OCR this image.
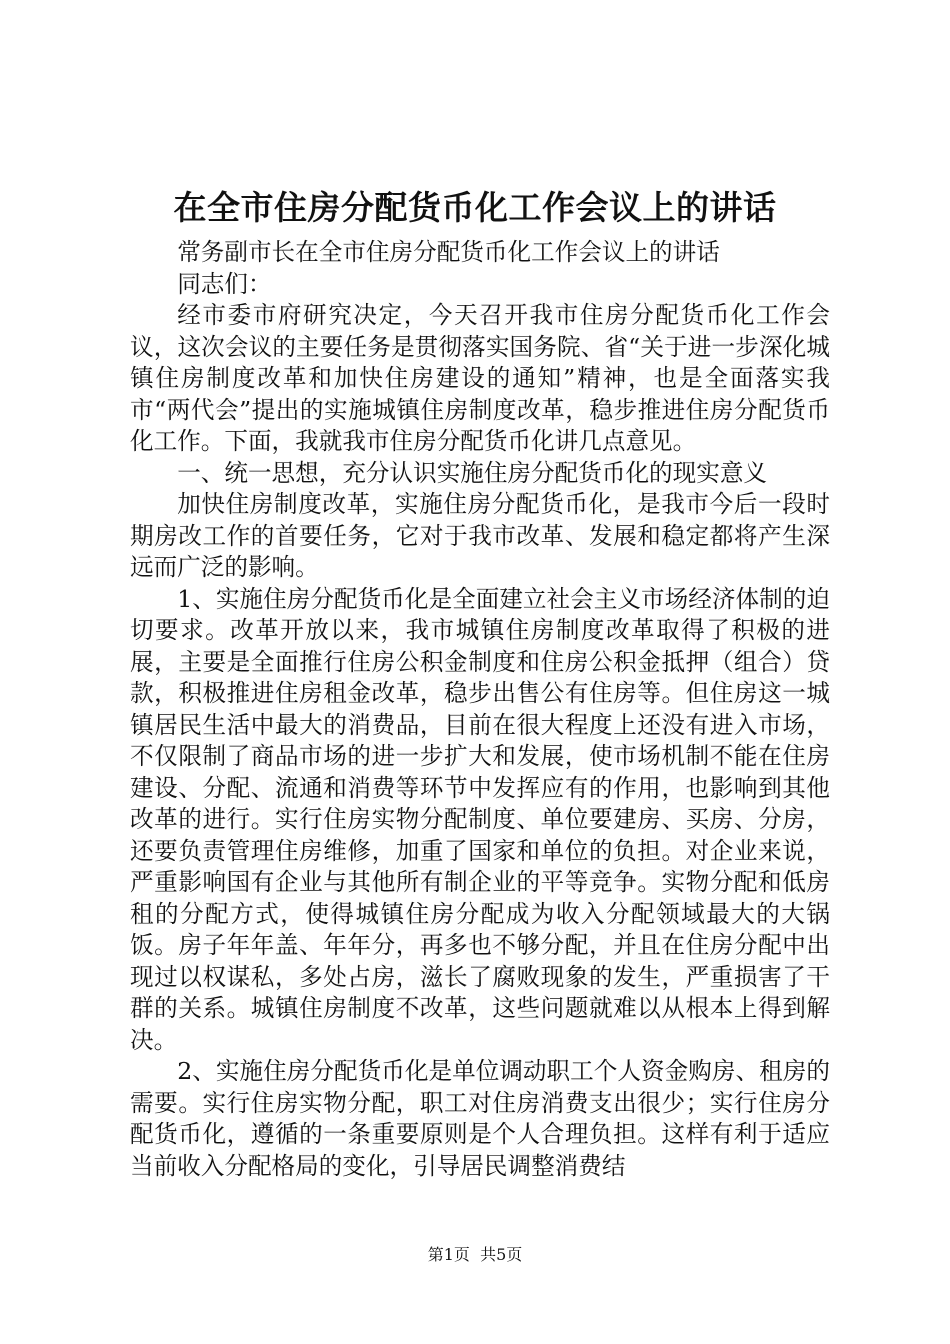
在全市住房分配货币化工作会议上的讲话

常务副市长在全市住房分配货币化工作会议上的讲话

同志们：

经市委市府研究决定，今天召开我市住房分配货币化工作会议，这次会议的主要任务是贯彻落实国务院、省“关于进一步深化城镇住房制度改革和加快住房建设的通知”精神，也是全面落实我市“两代会”提出的实施城镇住房制度改革，稳步推进住房分配货币化工作。下面，我就我市住房分配货币化讲几点意见。

一、统一思想，充分认识实施住房分配货币化的现实意义

加快住房制度改革，实施住房分配货币化，是我市今后一段时期房改工作的首要任务，它对于我市改革、发展和稳定都将产生深远而广泛的影响。

1、实施住房分配货币化是全面建立社会主义市场经济体制的迫切要求。改革开放以来，我市城镇住房制度改革取得了积极的进展，主要是全面推行住房公积金制度和住房公积金抵押（组合）贷款，积极推进住房租金改革，稳步出售公有住房等。但住房这一城镇居民生活中最大的消费品，目前在很大程度上还没有进入市场，不仅限制了商品市场的进一步扩大和发展，使市场机制不能在住房建设、分配、流通和消费等环节中发挥应有的作用，也影响到其他改革的进行。实行住房实物分配制度、单位要建房、买房、分房，还要负责管理住房维修，加重了国家和单位的负担。对企业来说，严重影响国有企业与其他所有制企业的平等竞争。实物分配和低房租的分配方式，使得城镇住房分配成为收入分配领域最大的大锅饭。房子年年盖、年年分，再多也不够分配，并且在住房分配中出现过以权谋私，多处占房，滋长了腐败现象的发生，严重损害了干群的关系。城镇住房制度不改革，这些问题就难以从根本上得到解决。

2、实施住房分配货币化是单位调动职工个人资金购房、租房的需要。实行住房实物分配，职工对住房消费支出很少；实行住房分配货币化，遵循的一条重要原则是个人合理负担。这样有利于适应当前收入分配格局的变化，引导居民调整消费结

第1页 共5页
